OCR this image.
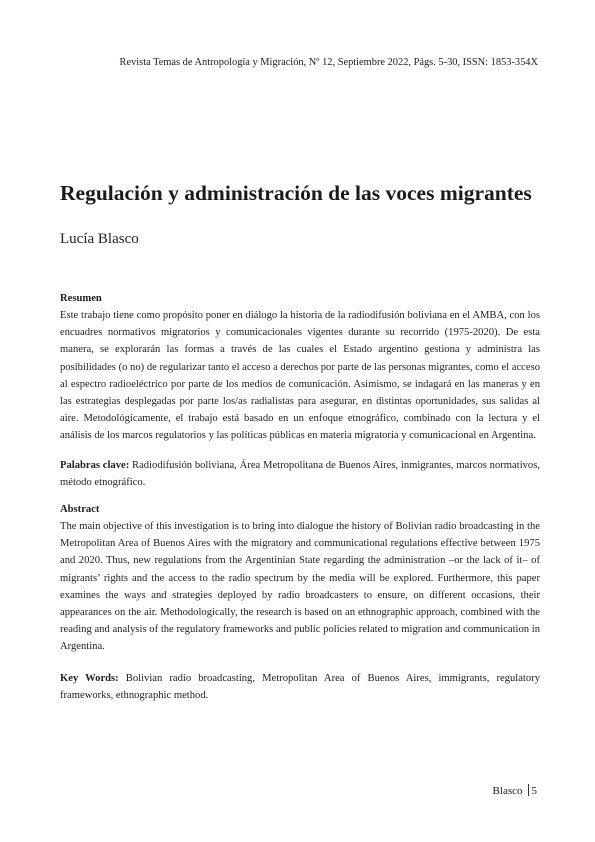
Revista Temas de Antropología y Migración, Nº 12, Septiembre 2022, Págs. 5-30, ISSN: 1853-354X
Regulación y administración de las voces migrantes
Lucía Blasco
Resumen

Este trabajo tiene como propósito poner en diálogo la historia de la radiodifusión boliviana en el AMBA, con los encuadres normativos migratorios y comunicacionales vigentes durante su recorrido (1975-2020). De esta manera, se explorarán las formas a través de las cuales el Estado argentino gestiona y administra las posibilidades (o no) de regularizar tanto el acceso a derechos por parte de las personas migrantes, como el acceso al espectro radioeléctrico por parte de los medios de comunicación. Asimismo, se indagará en las maneras y en las estrategias desplegadas por parte los/as radialistas para asegurar, en distintas oportunidades, sus salidas al aire. Metodológicamente, el trabajo está basado en un enfoque etnográfico, combinado con la lectura y el análisis de los marcos regulatorios y las políticas públicas en materia migratoria y comunicacional en Argentina.

Palabras clave: Radiodifusión boliviana, Área Metropolitana de Buenos Aires, inmigrantes, marcos normativos, método etnográfico.

Abstract

The main objective of this investigation is to bring into dialogue the history of Bolivian radio broadcasting in the Metropolitan Area of Buenos Aires with the migratory and communicational regulations effective between 1975 and 2020. Thus, new regulations from the Argentinian State regarding the administration –or the lack of it– of migrants’ rights and the access to the radio spectrum by the media will be explored. Furthermore, this paper examines the ways and strategies deployed by radio broadcasters to ensure, on different occasions, their appearances on the air. Methodologically, the research is based on an ethnographic approach, combined with the reading and analysis of the regulatory frameworks and public policies related to migration and communication in Argentina.

Key Words: Bolivian radio broadcasting, Metropolitan Area of Buenos Aires, immigrants, regulatory frameworks, ethnographic method.

Blasco 5
